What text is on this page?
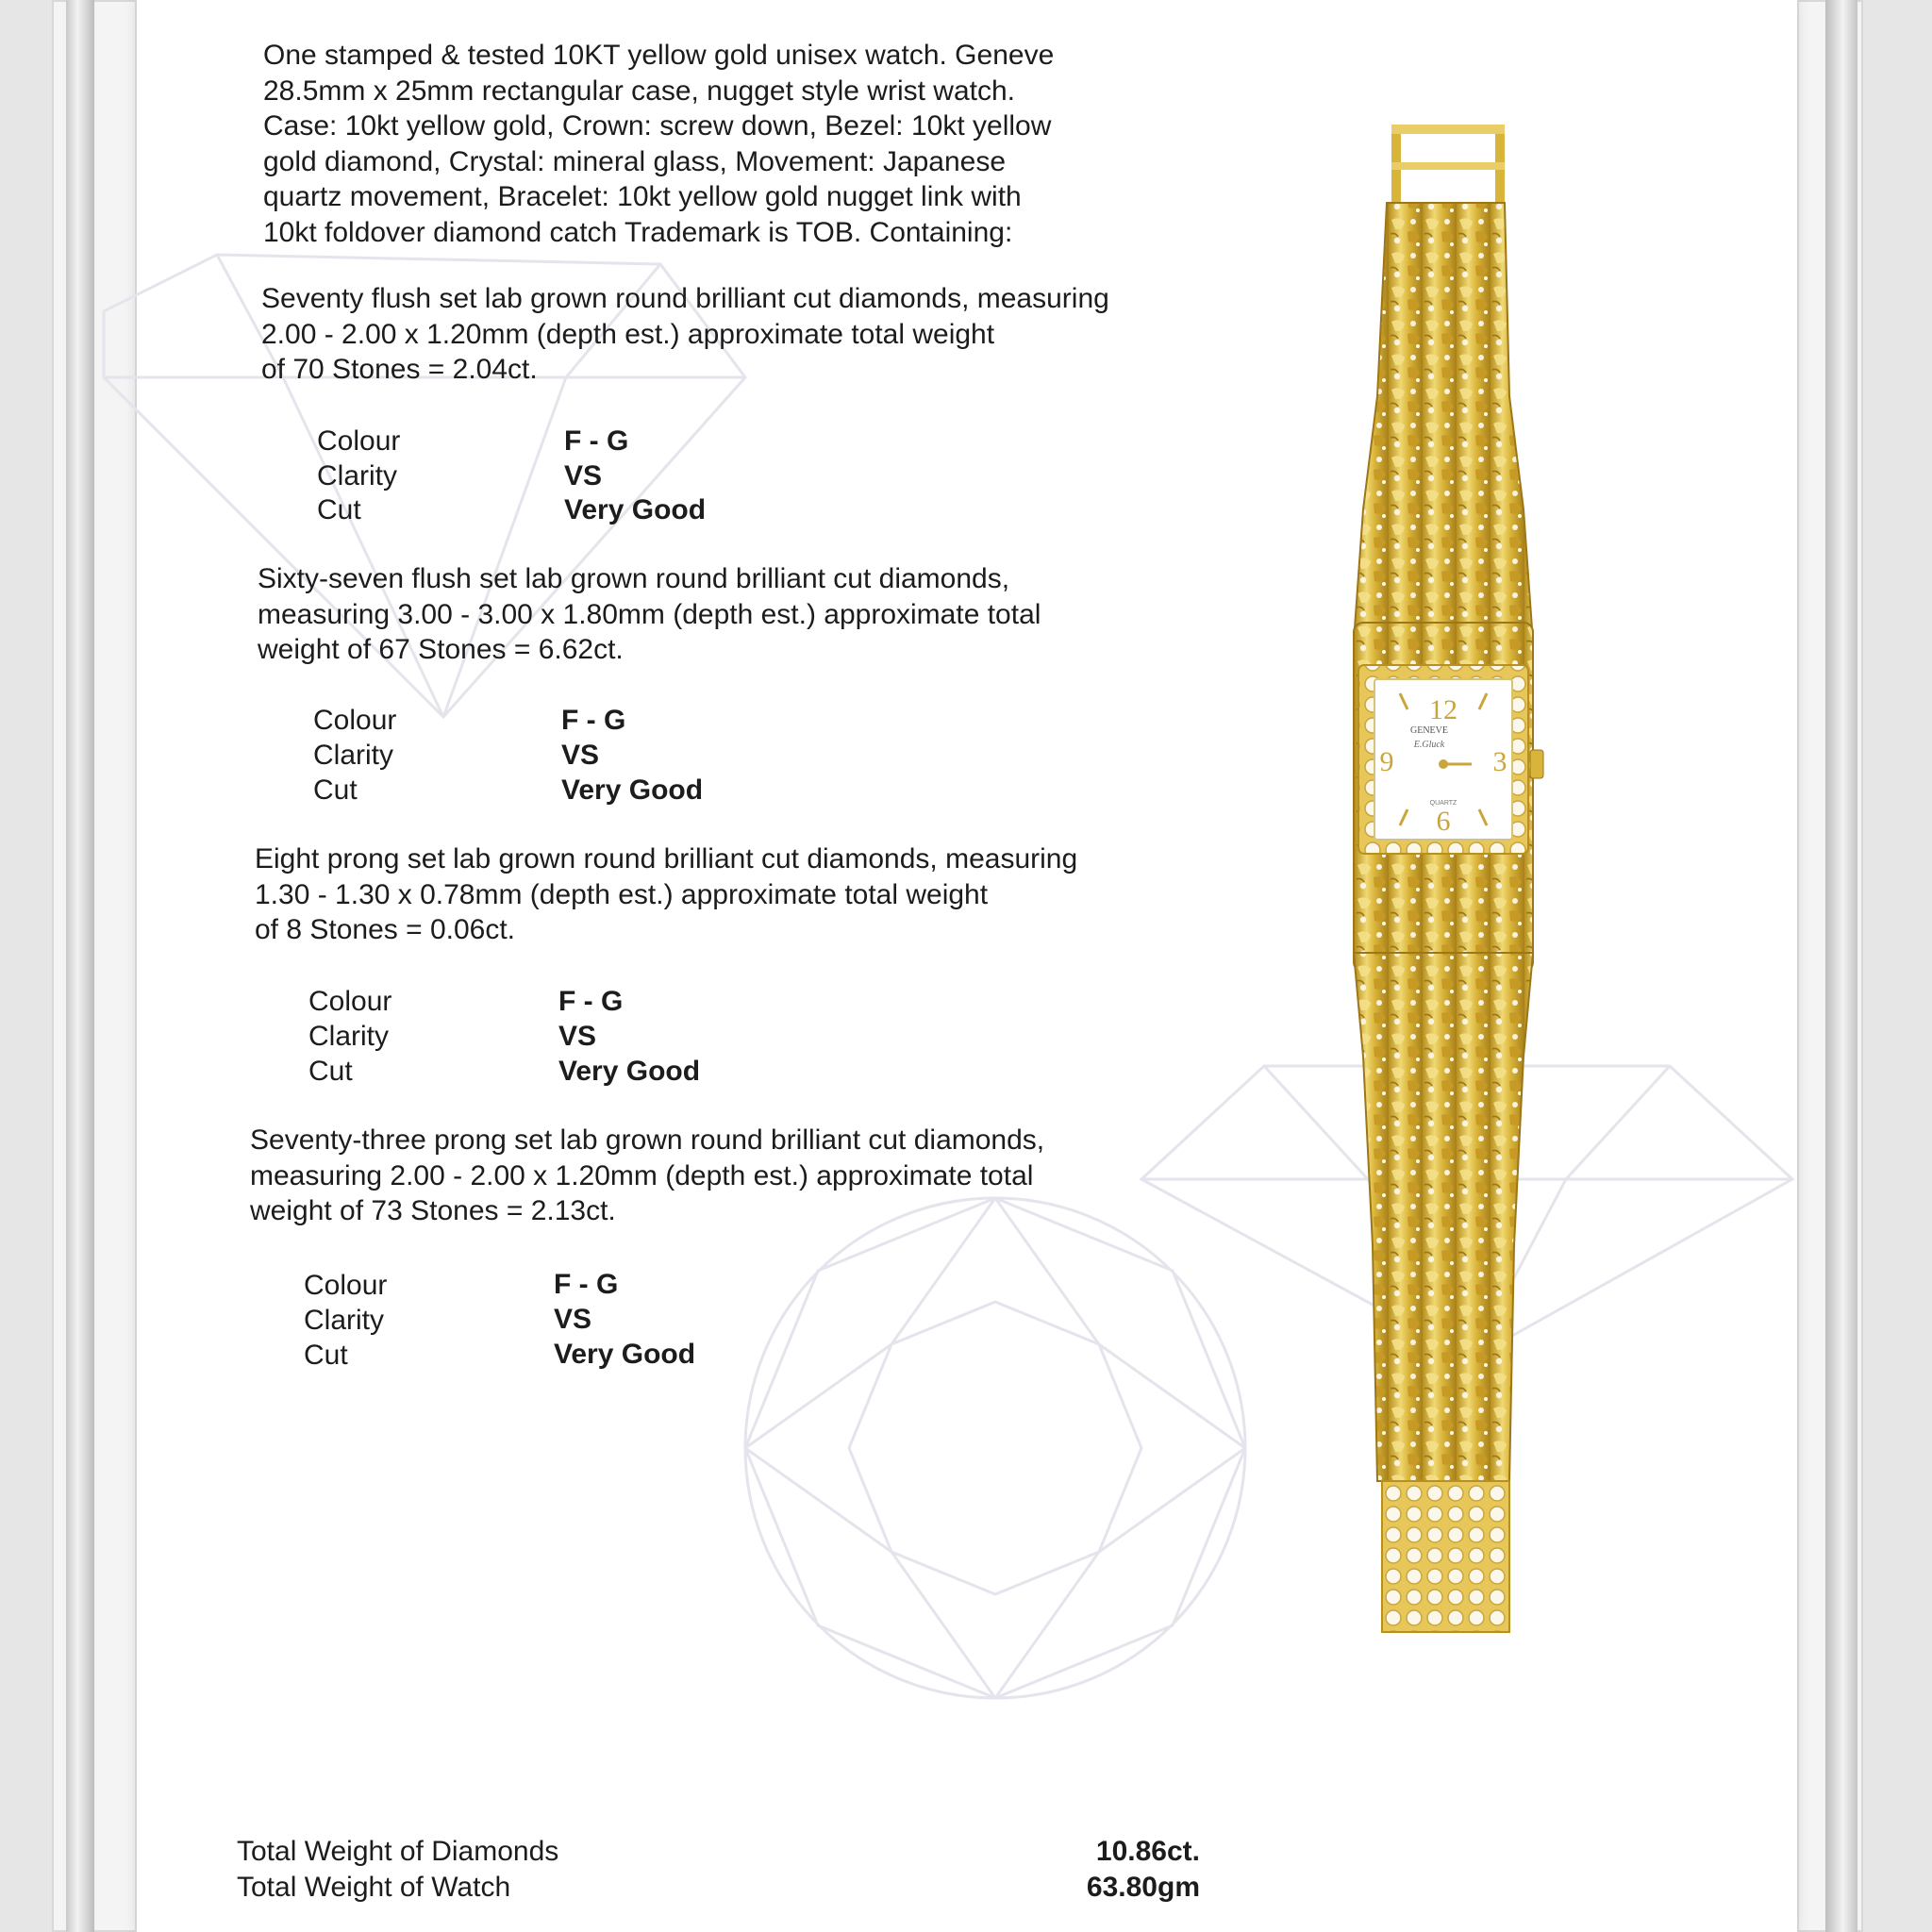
One stamped & tested 10KT yellow gold unisex watch. Geneve
28.5mm x 25mm rectangular case, nugget style wrist watch.
Case: 10kt yellow gold, Crown: screw down, Bezel: 10kt yellow
gold diamond, Crystal: mineral glass, Movement: Japanese
quartz movement, Bracelet: 10kt yellow gold nugget link with
10kt foldover diamond catch Trademark is TOB. Containing:
Seventy flush set lab grown round brilliant cut diamonds, measuring
2.00 - 2.00 x 1.20mm (depth est.) approximate total weight
of 70 Stones = 2.04ct.
Colour	F - G
Clarity	VS
Cut	Very Good
Sixty-seven flush set lab grown round brilliant cut diamonds,
measuring 3.00 - 3.00 x 1.80mm (depth est.) approximate total
weight of 67 Stones = 6.62ct.
Colour	F - G
Clarity	VS
Cut	Very Good
Eight prong set lab grown round brilliant cut diamonds, measuring
1.30 - 1.30 x 0.78mm (depth est.) approximate total weight
of 8 Stones = 0.06ct.
Colour	F - G
Clarity	VS
Cut	Very Good
Seventy-three prong set lab grown round brilliant cut diamonds,
measuring 2.00 - 2.00 x 1.20mm (depth est.) approximate total
weight of 73 Stones = 2.13ct.
Colour	F - G
Clarity	VS
Cut	Very Good
Total Weight of Diamonds	10.86ct.
Total Weight of Watch	63.80gm
12
3
6
9
GENEVE
E.Gluck
QUARTZ
